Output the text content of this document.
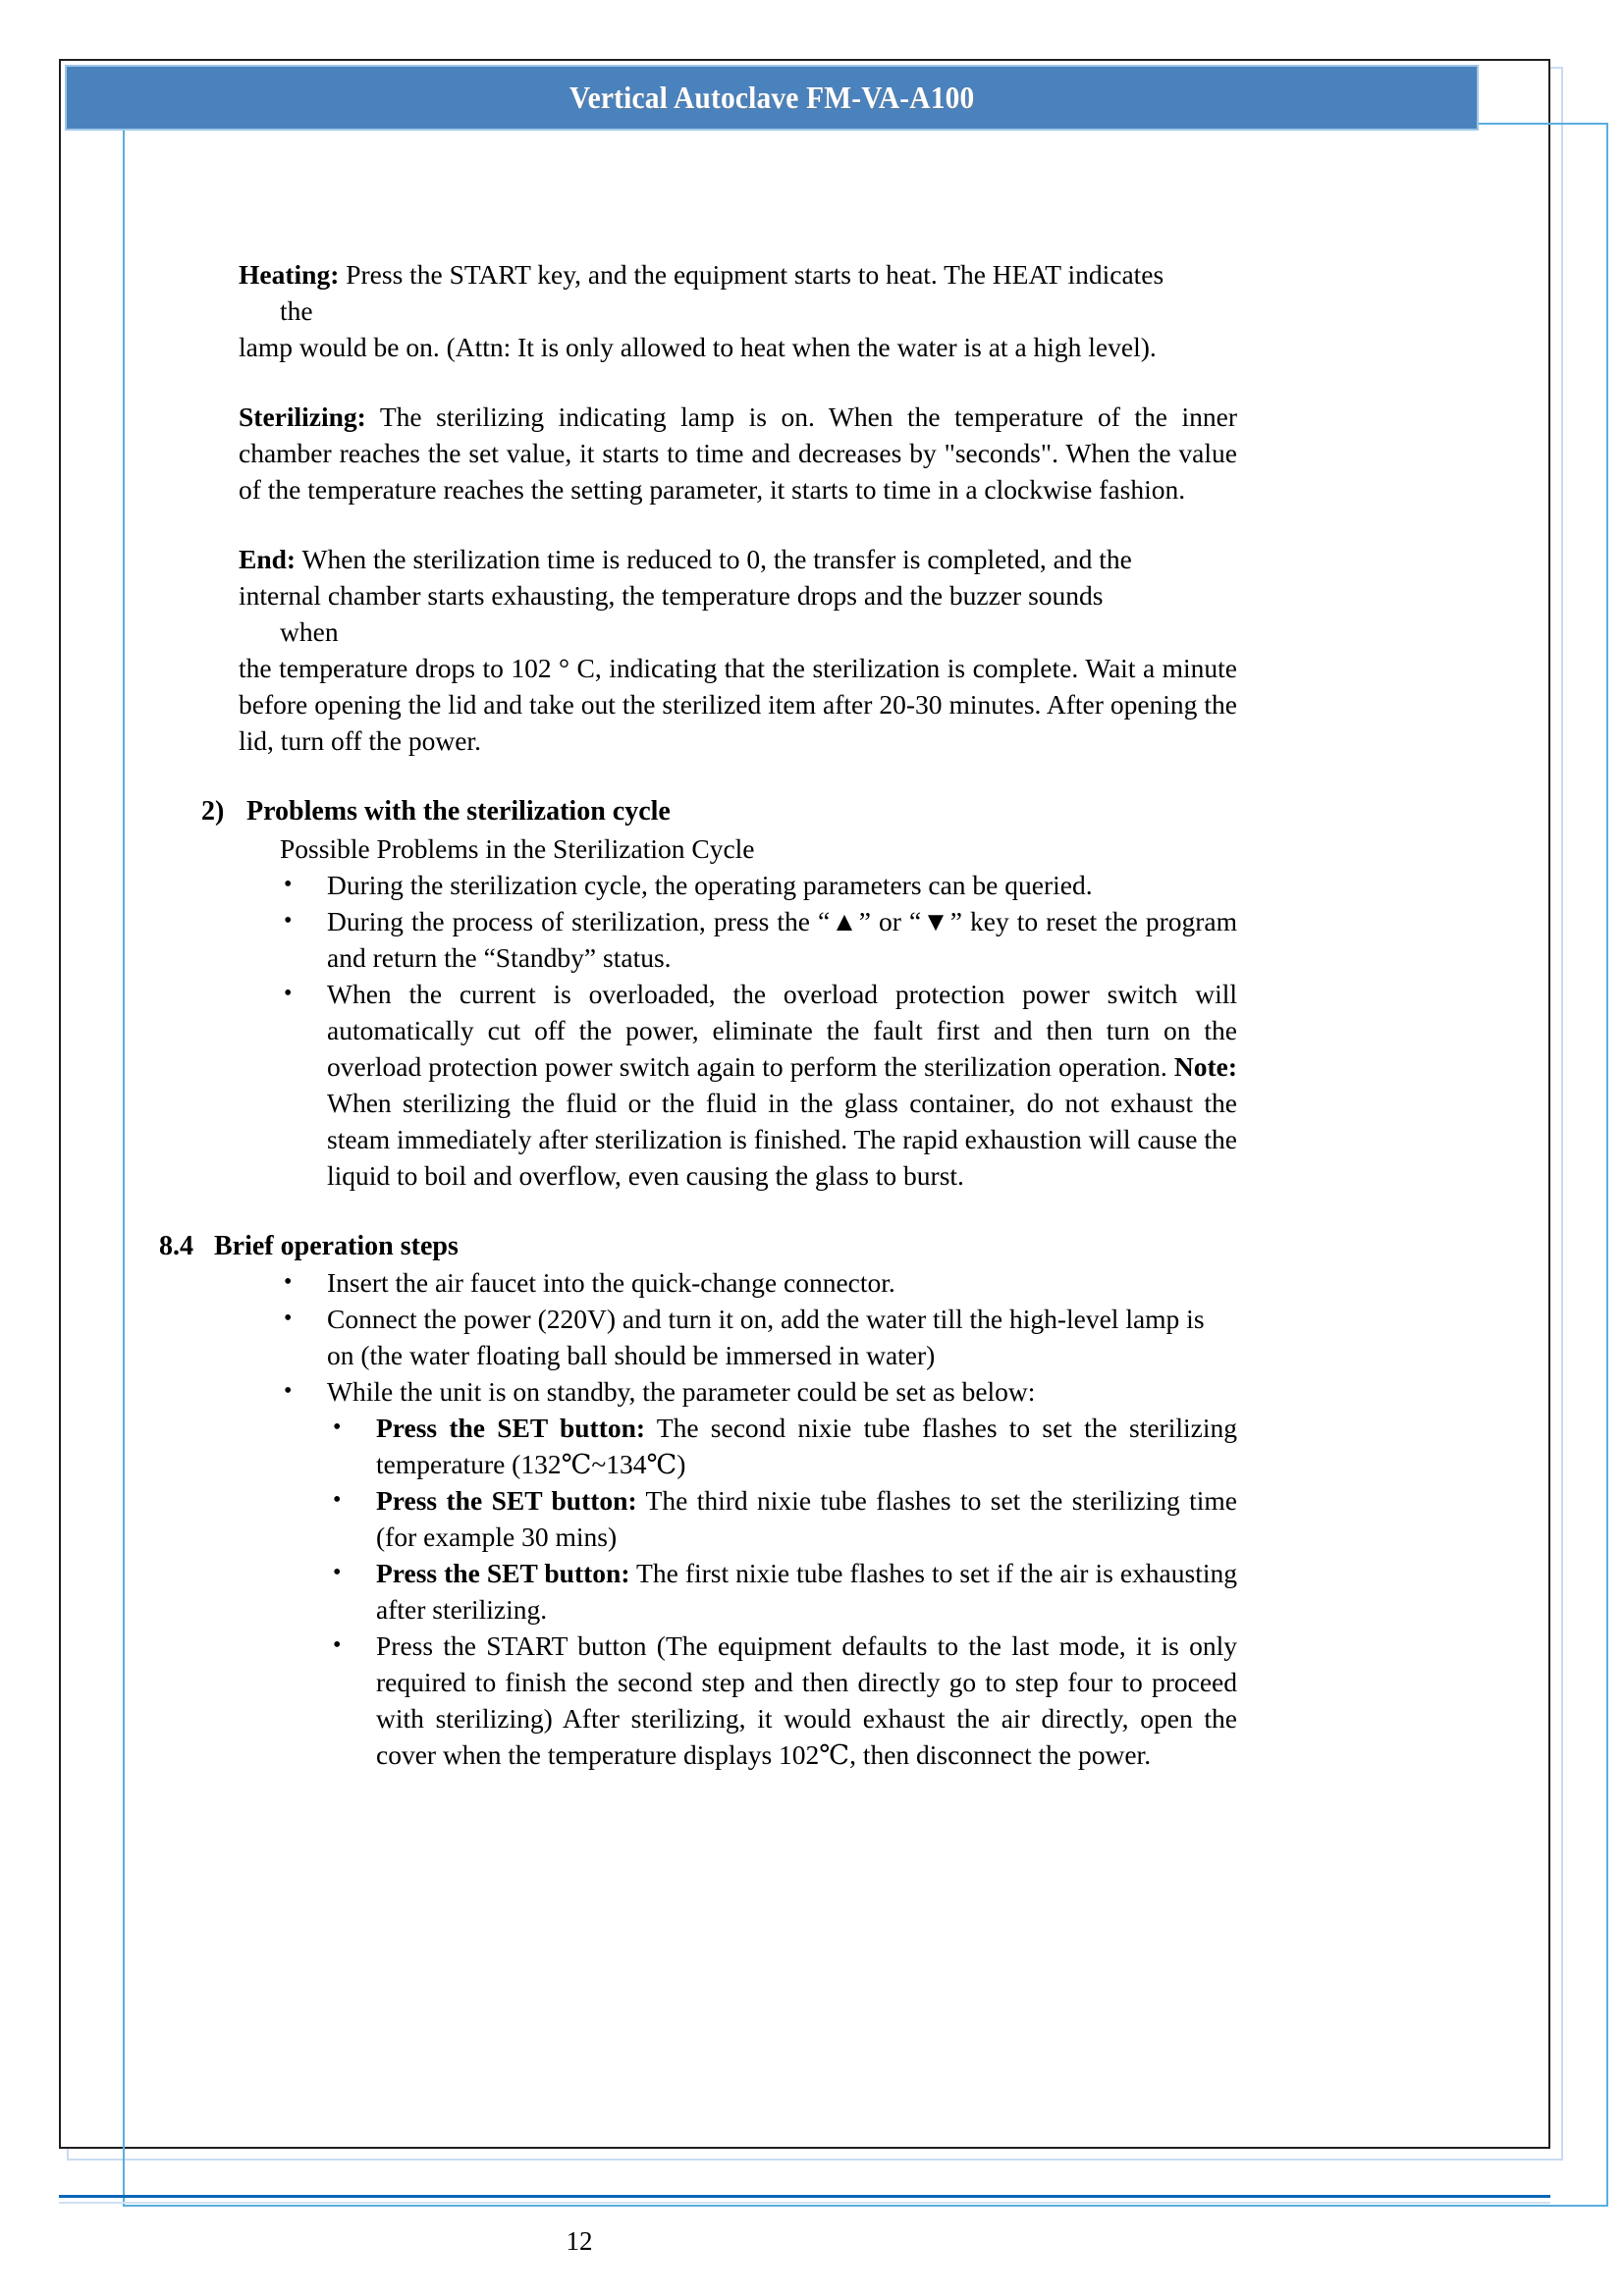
Vertical Autoclave FM-VA-A100

Heating: Press the START key, and the equipment starts to heat. The HEAT indicates
the
lamp would be on. (Attn: It is only allowed to heat when the water is at a high level).

Sterilizing: The sterilizing indicating lamp is on. When the temperature of the inner chamber reaches the set value, it starts to time and decreases by "seconds". When the value of the temperature reaches the setting parameter, it starts to time in a clockwise fashion.

End: When the sterilization time is reduced to 0, the transfer is completed, and the
internal chamber starts exhausting, the temperature drops and the buzzer sounds
when
the temperature drops to 102 ° C, indicating that the sterilization is complete. Wait a minute before opening the lid and take out the sterilized item after 20-30 minutes. After opening the lid, turn off the power.

2) Problems with the sterilization cycle
Possible Problems in the Sterilization Cycle
•	During the sterilization cycle, the operating parameters can be queried.
•	During the process of sterilization, press the “▲” or “▼” key to reset the program and return the “Standby” status.
•	When the current is overloaded, the overload protection power switch will automatically cut off the power, eliminate the fault first and then turn on the overload protection power switch again to perform the sterilization operation. Note: When sterilizing the fluid or the fluid in the glass container, do not exhaust the steam immediately after sterilization is finished. The rapid exhaustion will cause the liquid to boil and overflow, even causing the glass to burst.
8.4 Brief operation steps
•	Insert the air faucet into the quick-change connector.
•	Connect the power (220V) and turn it on, add the water till the high-level lamp is on (the water floating ball should be immersed in water)
•	While the unit is on standby, the parameter could be set as below:
•	Press the SET button: The second nixie tube flashes to set the sterilizing temperature (132℃~134℃)
•	Press the SET button: The third nixie tube flashes to set the sterilizing time (for example 30 mins)
•	Press the SET button: The first nixie tube flashes to set if the air is exhausting after sterilizing.
•	Press the START button (The equipment defaults to the last mode, it is only required to finish the second step and then directly go to step four to proceed with sterilizing) After sterilizing, it would exhaust the air directly, open the cover when the temperature displays 102℃, then disconnect the power.
12
